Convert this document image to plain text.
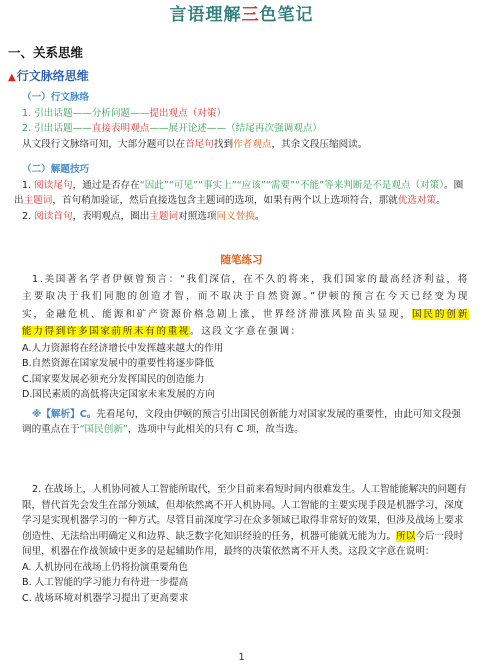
言语理解三色笔记
一、关系思维
▲行文脉络思维

（一）行文脉络

1. 引出话题——分析问题——提出观点（对策）

2. 引出话题——直接表明观点——展开论述——（结尾再次强调观点）

从文段行文脉络可知，大部分题可以在首尾句找到作者观点，其余文段压缩阅读。

（二）解题技巧

1. 阅读尾句，通过是否存在“因此”“可见”“事实上”“应该”“需要”“不能”等来判断是不是观点（对策）。圈出主题词，首句稍加验证，然后直接选包含主题词的选项，如果有两个以上选项符合，那就优选对策。

2. 阅读首句，表明观点，圈出主题词对照选项同义替换。

随笔练习

1.美国著名学者伊顿曾预言：“我们深信，在不久的将来，我们国家的最高经济利益，将主要取决于我们同胞的创造才智，而不取决于自然资源。”伊顿的预言在今天已经变为现实，金融危机、能源和矿产资源价格急剧上涨，世界经济滞涨风险苗头显现，国民的创新能力得到许多国家前所未有的重视。这段文字意在强调：

A.人力资源将在经济增长中发挥越来越大的作用

B.自然资源在国家发展中的重要性将逐步降低

C.国家要发展必须充分发挥国民的创造能力

D.国民素质的高低将决定国家未来发展的方向

※【解析】C。先看尾句，文段由伊顿的预言引出国民创新能力对国家发展的重要性，由此可知文段强调的重点在于“国民创新”，选项中与此相关的只有 C 项，故当选。

2. 在战场上，人机协同被人工智能所取代，至少目前来看短时间内很难发生。人工智能能解决的问题有限，替代首先会发生在部分领域，但却依然离不开人机协同。人工智能的主要实现手段是机器学习，深度学习是实现机器学习的一种方式。尽管目前深度学习在众多领域已取得非常好的效果，但涉及战场上要求创造性、无法给出明确定义和边界、缺乏数字化知识经验的任务，机器可能就无能为力。所以今后一段时间里，机器在作战领域中更多的是起辅助作用，最终的决策依然离不开人类。这段文字意在说明：

A. 人机协同在战场上仍将扮演重要角色

B. 人工智能的学习能力有待进一步提高

C. 战场环境对机器学习提出了更高要求

1
